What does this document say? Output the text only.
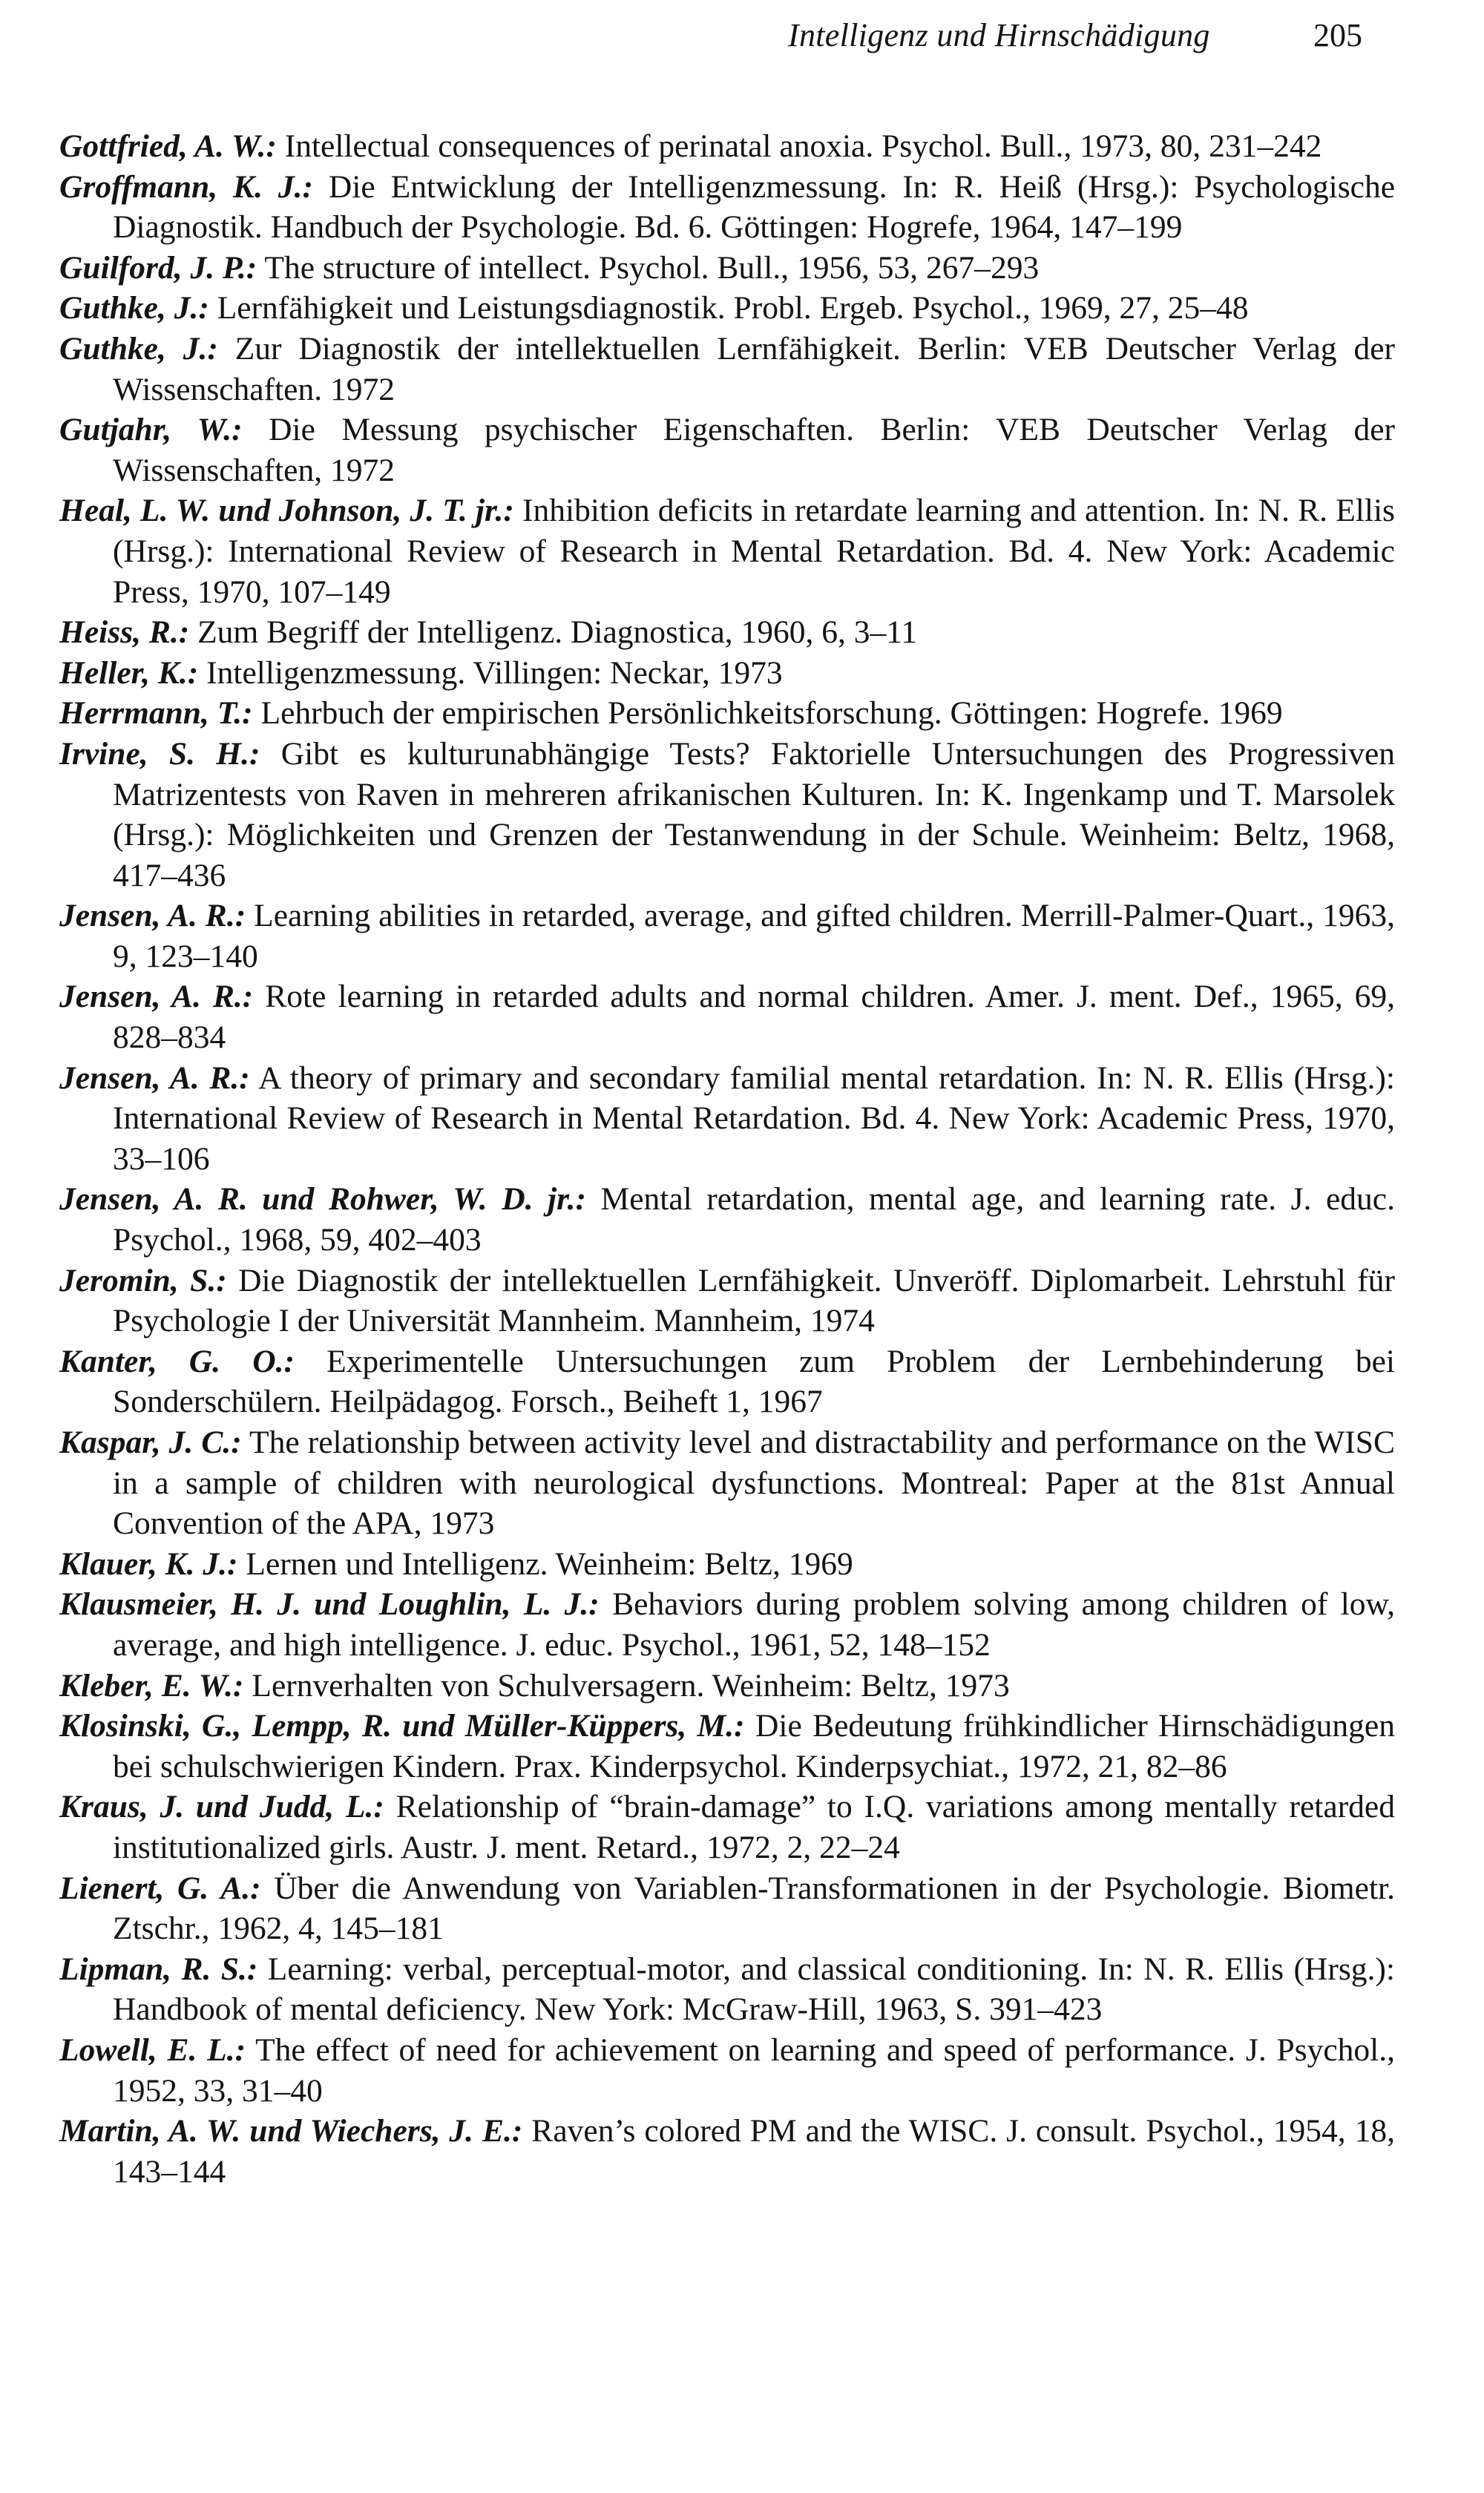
Intelligenz und Hirnschädigung	205

Gottfried, A. W.: Intellectual consequences of perinatal anoxia. Psychol. Bull., 1973, 80, 231–242

Groffmann, K. J.: Die Entwicklung der Intelligenzmessung. In: R. Heiß (Hrsg.): Psychologische Diagnostik. Handbuch der Psychologie. Bd. 6. Göttingen: Hogrefe, 1964, 147–199

Guilford, J. P.: The structure of intellect. Psychol. Bull., 1956, 53, 267–293

Guthke, J.: Lernfähigkeit und Leistungsdiagnostik. Probl. Ergeb. Psychol., 1969, 27, 25–48

Guthke, J.: Zur Diagnostik der intellektuellen Lernfähigkeit. Berlin: VEB Deutscher Verlag der Wissenschaften. 1972

Gutjahr, W.: Die Messung psychischer Eigenschaften. Berlin: VEB Deutscher Verlag der Wissenschaften, 1972

Heal, L. W. und Johnson, J. T. jr.: Inhibition deficits in retardate learning and attention. In: N. R. Ellis (Hrsg.): International Review of Research in Mental Retardation. Bd. 4. New York: Academic Press, 1970, 107–149

Heiss, R.: Zum Begriff der Intelligenz. Diagnostica, 1960, 6, 3–11

Heller, K.: Intelligenzmessung. Villingen: Neckar, 1973

Herrmann, T.: Lehrbuch der empirischen Persönlichkeitsforschung. Göttingen: Hogrefe. 1969

Irvine, S. H.: Gibt es kulturunabhängige Tests? Faktorielle Untersuchungen des Progressiven Matrizentests von Raven in mehreren afrikanischen Kulturen. In: K. Ingenkamp und T. Marsolek (Hrsg.): Möglichkeiten und Grenzen der Testanwendung in der Schule. Weinheim: Beltz, 1968, 417–436

Jensen, A. R.: Learning abilities in retarded, average, and gifted children. Merrill-Palmer-Quart., 1963, 9, 123–140

Jensen, A. R.: Rote learning in retarded adults and normal children. Amer. J. ment. Def., 1965, 69, 828–834

Jensen, A. R.: A theory of primary and secondary familial mental retardation. In: N. R. Ellis (Hrsg.): International Review of Research in Mental Retardation. Bd. 4. New York: Academic Press, 1970, 33–106

Jensen, A. R. und Rohwer, W. D. jr.: Mental retardation, mental age, and learning rate. J. educ. Psychol., 1968, 59, 402–403

Jeromin, S.: Die Diagnostik der intellektuellen Lernfähigkeit. Unveröff. Diplomarbeit. Lehrstuhl für Psychologie I der Universität Mannheim. Mannheim, 1974

Kanter, G. O.: Experimentelle Untersuchungen zum Problem der Lernbehinderung bei Sonderschülern. Heilpädagog. Forsch., Beiheft 1, 1967

Kaspar, J. C.: The relationship between activity level and distractability and performance on the WISC in a sample of children with neurological dysfunctions. Montreal: Paper at the 81st Annual Convention of the APA, 1973

Klauer, K. J.: Lernen und Intelligenz. Weinheim: Beltz, 1969

Klausmeier, H. J. und Loughlin, L. J.: Behaviors during problem solving among children of low, average, and high intelligence. J. educ. Psychol., 1961, 52, 148–152

Kleber, E. W.: Lernverhalten von Schulversagern. Weinheim: Beltz, 1973

Klosinski, G., Lempp, R. und Müller-Küppers, M.: Die Bedeutung frühkindlicher Hirnschädigungen bei schulschwierigen Kindern. Prax. Kinderpsychol. Kinderpsychiat., 1972, 21, 82–86

Kraus, J. und Judd, L.: Relationship of “brain-damage” to I.Q. variations among mentally retarded institutionalized girls. Austr. J. ment. Retard., 1972, 2, 22–24

Lienert, G. A.: Über die Anwendung von Variablen-Transformationen in der Psychologie. Biometr. Ztschr., 1962, 4, 145–181

Lipman, R. S.: Learning: verbal, perceptual-motor, and classical conditioning. In: N. R. Ellis (Hrsg.): Handbook of mental deficiency. New York: McGraw-Hill, 1963, S. 391–423

Lowell, E. L.: The effect of need for achievement on learning and speed of performance. J. Psychol., 1952, 33, 31–40

Martin, A. W. und Wiechers, J. E.: Raven’s colored PM and the WISC. J. consult. Psychol., 1954, 18, 143–144
